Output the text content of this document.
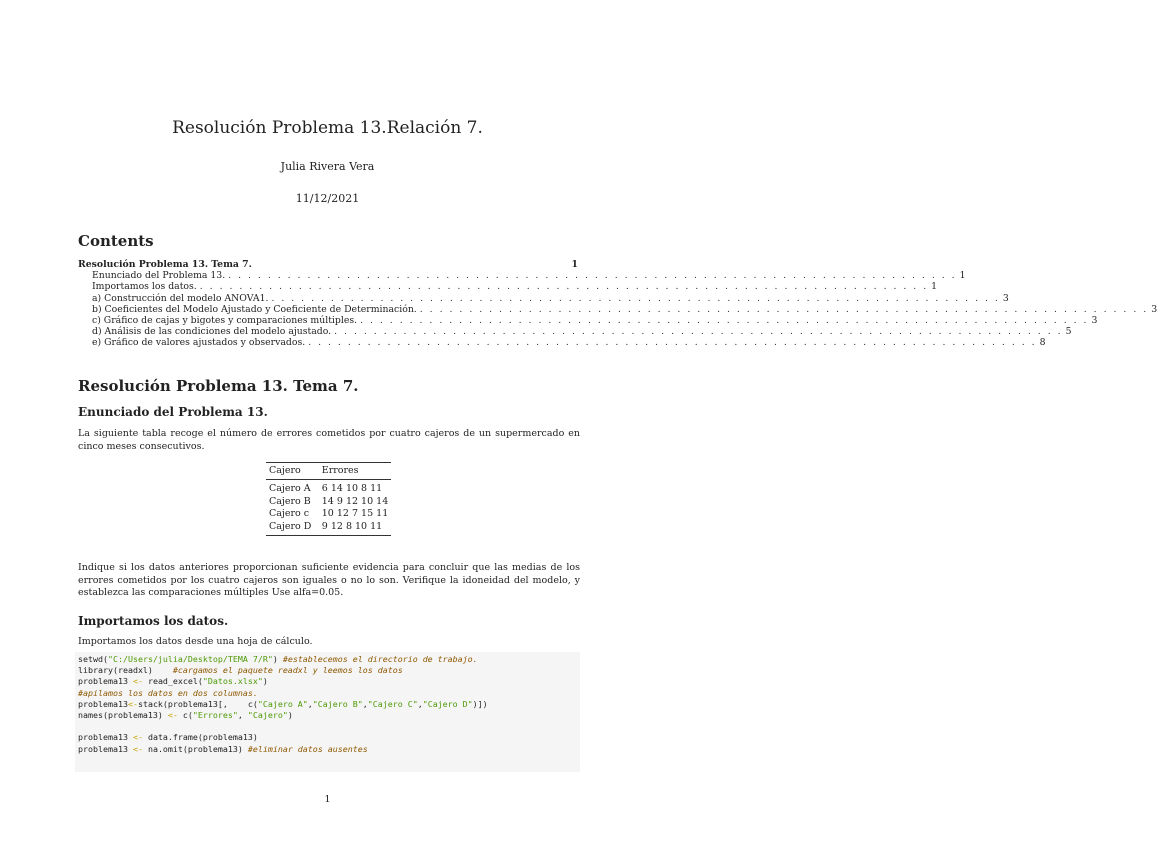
Resolución Problema 13.Relación 7.
Julia Rivera Vera
11/12/2021
Contents
Resolución Problema 13. Tema 7.	1
Enunciado del Problema 13. . . . . . . . . . . . . . . . . . . . . . . . . . . . . . . . . . . . . . . . . . . . . . . . . . . . . . . . . . . . . . . . . . . . . . . . . . . 1
Importamos los datos. . . . . . . . . . . . . . . . . . . . . . . . . . . . . . . . . . . . . . . . . . . . . . . . . . . . . . . . . . . . . . . . . . . . . . . . . . . 1
a) Construcción del modelo ANOVA1. . . . . . . . . . . . . . . . . . . . . . . . . . . . . . . . . . . . . . . . . . . . . . . . . . . . . . . . . . . . . . . . . . . . . . . . . . . 3
b) Coeficientes del Modelo Ajustado y Coeficiente de Determinación. . . . . . . . . . . . . . . . . . . . . . . . . . . . . . . . . . . . . . . . . . . . . . . . . . . . . . . . . . . . . . . . . . . . . . . . . . . 3
c) Gráfico de cajas y bigotes y comparaciones múltiples. . . . . . . . . . . . . . . . . . . . . . . . . . . . . . . . . . . . . . . . . . . . . . . . . . . . . . . . . . . . . . . . . . . . . . . . . . . 3
d) Análisis de las condiciones del modelo ajustado. . . . . . . . . . . . . . . . . . . . . . . . . . . . . . . . . . . . . . . . . . . . . . . . . . . . . . . . . . . . . . . . . . . . . . . . . . . 5
e) Gráfico de valores ajustados y observados. . . . . . . . . . . . . . . . . . . . . . . . . . . . . . . . . . . . . . . . . . . . . . . . . . . . . . . . . . . . . . . . . . . . . . . . . . . 8
Resolución Problema 13. Tema 7.
Enunciado del Problema 13.
La siguiente tabla recoge el número de errores cometidos por cuatro cajeros de un supermercado en cinco meses consecutivos.
Cajero	Errores
Cajero A	6 14 10 8 11
Cajero B	14 9 12 10 14
Cajero c	10 12 7 15 11
Cajero D	9 12 8 10 11
Indique si los datos anteriores proporcionan suficiente evidencia para concluir que las medias de los errores cometidos por los cuatro cajeros son iguales o no lo son. Verifique la idoneidad del modelo, y establezca las comparaciones múltiples Use alfa=0.05.
Importamos los datos.
Importamos los datos desde una hoja de cálculo.
setwd("C:/Users/julia/Desktop/TEMA 7/R") #establecemos el directorio de trabajo.
library(readxl)    #cargamos el paquete readxl y leemos los datos
problema13 <- read_excel("Datos.xlsx")
#apilamos los datos en dos columnas.
problema13<-stack(problema13[,    c("Cajero A","Cajero B","Cajero C","Cajero D")])
names(problema13) <- c("Errores", "Cajero")
problema13 <- data.frame(problema13)
problema13 <- na.omit(problema13) #eliminar datos ausentes
1
